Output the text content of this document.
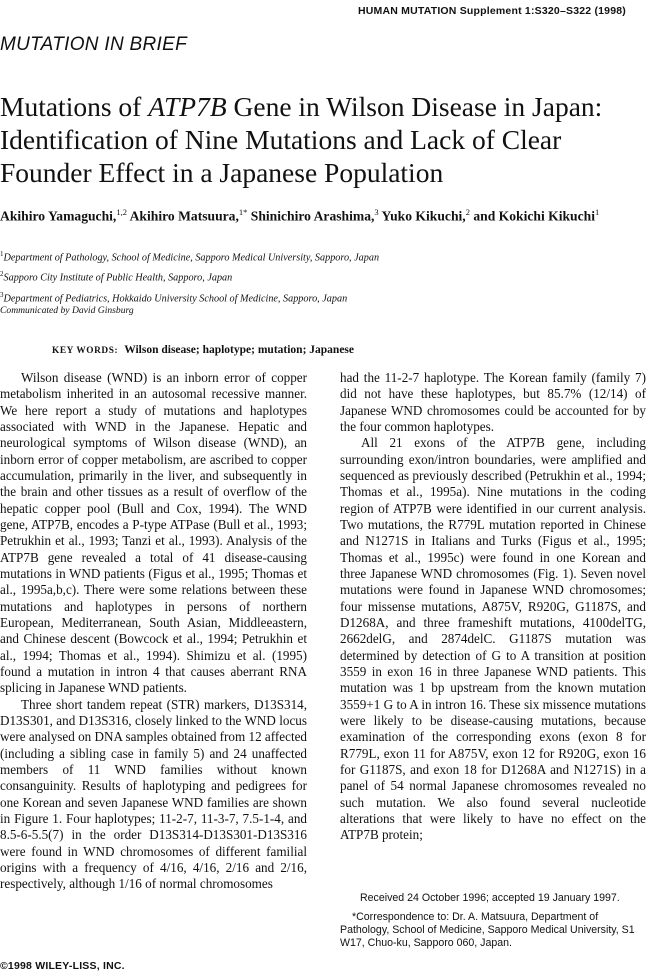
HUMAN MUTATION Supplement 1:S320–S322 (1998)
MUTATION IN BRIEF
Mutations of ATP7B Gene in Wilson Disease in Japan: Identification of Nine Mutations and Lack of Clear Founder Effect in a Japanese Population
Akihiro Yamaguchi,$^{1,2}$ Akihiro Matsuura,$^{1*}$ Shinichiro Arashima,$^3$ Yuko Kikuchi,$^2$ and Kokichi Kikuchi$^1$
$^1$Department of Pathology, School of Medicine, Sapporo Medical University, Sapporo, Japan
$^2$Sapporo City Institute of Public Health, Sapporo, Japan
$^3$Department of Pediatrics, Hokkaido University School of Medicine, Sapporo, Japan
Communicated by David Ginsburg
KEY WORDS: Wilson disease; haplotype; mutation; Japanese

Wilson disease (WND) is an inborn error of copper metabolism inherited in an autosomal recessive manner. We here report a study of mutations and haplotypes associated with WND in the Japanese. Hepatic and neurological symptoms of Wilson disease (WND), an inborn error of copper metabolism, are ascribed to copper accumulation, primarily in the liver, and subsequently in the brain and other tissues as a result of overflow of the hepatic copper pool (Bull and Cox, 1994). The WND gene, ATP7B, encodes a P-type ATPase (Bull et al., 1993; Petrukhin et al., 1993; Tanzi et al., 1993). Analysis of the ATP7B gene revealed a total of 41 disease-causing mutations in WND patients (Figus et al., 1995; Thomas et al., 1995a,b,c). There were some relations between these mutations and haplotypes in persons of northern European, Mediterranean, South Asian, Middleeastern, and Chinese descent (Bowcock et al., 1994; Petrukhin et al., 1994; Thomas et al., 1994). Shimizu et al. (1995) found a mutation in intron 4 that causes aberrant RNA splicing in Japanese WND patients.

Three short tandem repeat (STR) markers, D13S314, D13S301, and D13S316, closely linked to the WND locus were analysed on DNA samples obtained from 12 affected (including a sibling case in family 5) and 24 unaffected members of 11 WND families without known consanguinity. Results of haplotyping and pedigrees for one Korean and seven Japanese WND families are shown in Figure 1. Four haplotypes; 11-2-7, 11-3-7, 7.5-1-4, and 8.5-6-5.5(7) in the order D13S314-D13S301-D13S316 were found in WND chromosomes of different familial origins with a frequency of 4/16, 4/16, 2/16 and 2/16, respectively, although 1/16 of normal chromosomes

had the 11-2-7 haplotype. The Korean family (family 7) did not have these haplotypes, but 85.7% (12/14) of Japanese WND chromosomes could be accounted for by the four common haplotypes.

All 21 exons of the ATP7B gene, including surrounding exon/intron boundaries, were amplified and sequenced as previously described (Petrukhin et al., 1994; Thomas et al., 1995a). Nine mutations in the coding region of ATP7B were identified in our current analysis. Two mutations, the R779L mutation reported in Chinese and N1271S in Italians and Turks (Figus et al., 1995; Thomas et al., 1995c) were found in one Korean and three Japanese WND chromosomes (Fig. 1). Seven novel mutations were found in Japanese WND chromosomes; four missense mutations, A875V, R920G, G1187S, and D1268A, and three frameshift mutations, 4100delTG, 2662delG, and 2874delC. G1187S mutation was determined by detection of G to A transition at position 3559 in exon 16 in three Japanese WND patients. This mutation was 1 bp upstream from the known mutation 3559+1 G to A in intron 16. These six missence mutations were likely to be disease-causing mutations, because examination of the corresponding exons (exon 8 for R779L, exon 11 for A875V, exon 12 for R920G, exon 16 for G1187S, and exon 18 for D1268A and N1271S) in a panel of 54 normal Japanese chromosomes revealed no such mutation. We also found several nucleotide alterations that were likely to have no effect on the ATP7B protein;

Received 24 October 1996; accepted 19 January 1997.
*Correspondence to: Dr. A. Matsuura, Department of Pathology, School of Medicine, Sapporo Medical University, S1 W17, Chuo-ku, Sapporo 060, Japan.
©1998 WILEY-LISS, INC.
